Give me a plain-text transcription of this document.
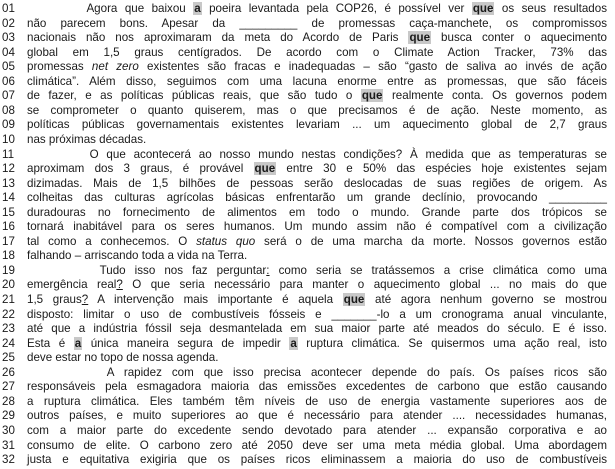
01	Agora que baixou a poeira levantada pela COP26, é possível ver que os seus resultados
02	não parecem bons. Apesar da _________ de promessas caça-manchete, os compromissos
03	nacionais não nos aproximaram da meta do Acordo de Paris que busca conter o aquecimento
04	global em 1,5 graus centígrados. De acordo com o Climate Action Tracker, 73% das
05	promessas net zero existentes são fracas e inadequadas – são “gasto de saliva ao invés de ação
06	climática”. Além disso, seguimos com uma lacuna enorme entre as promessas, que são fáceis
07	de fazer, e as políticas públicas reais, que são tudo o que realmente conta. Os governos podem
08	se comprometer o quanto quiserem, mas o que precisamos é de ação. Neste momento, as
09	políticas públicas governamentais existentes levariam ... um aquecimento global de 2,7 graus
10	nas próximas décadas.
11	O que acontecerá ao nosso mundo nestas condições? À medida que as temperaturas se
12	aproximam dos 3 graus, é provável que entre 30 e 50% das espécies hoje existentes sejam
13	dizimadas. Mais de 1,5 bilhões de pessoas serão deslocadas de suas regiões de origem. As
14	colheitas das culturas agrícolas básicas enfrentarão um grande declínio, provocando _________
15	duradouras no fornecimento de alimentos em todo o mundo. Grande parte dos trópicos se
16	tornará inabitável para os seres humanos. Um mundo assim não é compatível com a civilização
17	tal como a conhecemos. O status quo será o de uma marcha da morte. Nossos governos estão
18	falhando – arriscando toda a vida na Terra.
19	Tudo isso nos faz perguntar: como seria se tratássemos a crise climática como uma
20	emergência real? O que seria necessário para manter o aquecimento global ... no mais do que
21	1,5 graus? A intervenção mais importante é aquela que até agora nenhum governo se mostrou
22	disposto: limitar o uso de combustíveis fósseis e _______-lo a um cronograma anual vinculante,
23	até que a indústria fóssil seja desmantelada em sua maior parte até meados do século. E é isso.
24	Esta é a única maneira segura de impedir a ruptura climática. Se quisermos uma ação real, isto
25	deve estar no topo de nossa agenda.
26	A rapidez com que isso precisa acontecer depende do país. Os países ricos são
27	responsáveis pela esmagadora maioria das emissões excedentes de carbono que estão causando
28	a ruptura climática. Eles também têm níveis de uso de energia vastamente superiores aos de
29	outros países, e muito superiores ao que é necessário para atender .... necessidades humanas,
30	com a maior parte do excedente sendo devotado para atender ... expansão corporativa e ao
31	consumo de elite. O carbono zero até 2050 deve ser uma meta média global. Uma abordagem
32	justa e equitativa exigiria que os países ricos eliminassem a maioria do uso de combustíveis
